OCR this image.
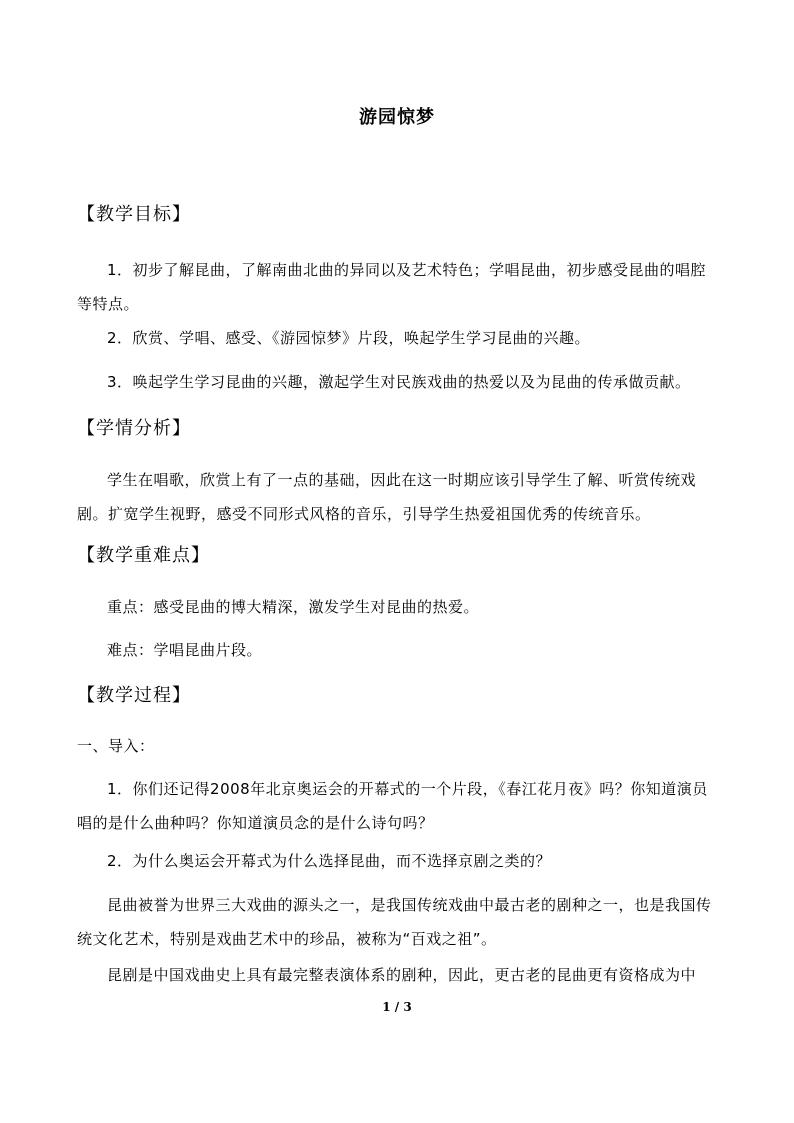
游园惊梦
【教学目标】

1．初步了解昆曲，了解南曲北曲的异同以及艺术特色；学唱昆曲，初步感受昆曲的唱腔等特点。

2．欣赏、学唱、感受、《游园惊梦》片段，唤起学生学习昆曲的兴趣。

3．唤起学生学习昆曲的兴趣，激起学生对民族戏曲的热爱以及为昆曲的传承做贡献。

【学情分析】

学生在唱歌，欣赏上有了一点的基础，因此在这一时期应该引导学生了解、听赏传统戏剧。扩宽学生视野，感受不同形式风格的音乐，引导学生热爱祖国优秀的传统音乐。

【教学重难点】

重点：感受昆曲的博大精深，激发学生对昆曲的热爱。

难点：学唱昆曲片段。

【教学过程】

一、导入：

1．你们还记得2008年北京奥运会的开幕式的一个片段，《春江花月夜》吗？你知道演员唱的是什么曲种吗？你知道演员念的是什么诗句吗？

2．为什么奥运会开幕式为什么选择昆曲，而不选择京剧之类的？

昆曲被誉为世界三大戏曲的源头之一，是我国传统戏曲中最古老的剧种之一，也是我国传统文化艺术，特别是戏曲艺术中的珍品，被称为“百戏之祖”。

昆剧是中国戏曲史上具有最完整表演体系的剧种，因此，更古老的昆曲更有资格成为中

1 / 3
